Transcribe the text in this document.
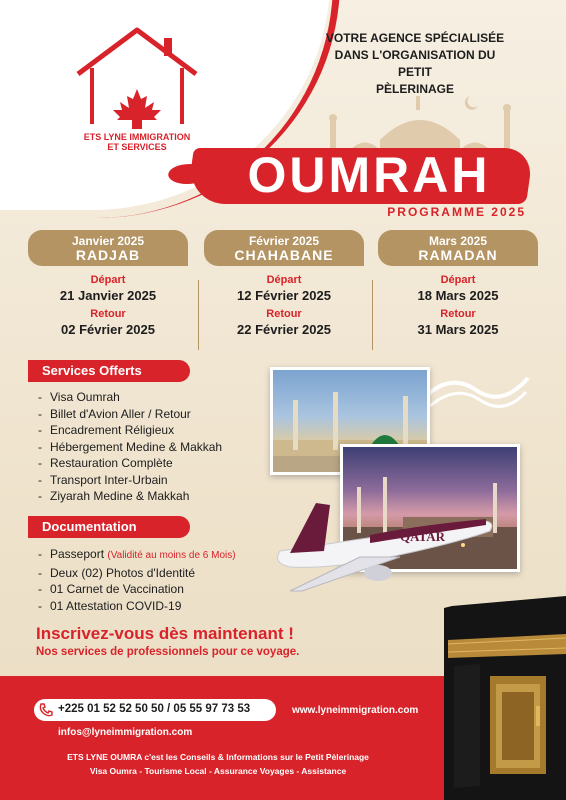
ETS LYNE IMMIGRATION
ET SERVICES
VOTRE AGENCE SPÉCIALISÉE
DANS L'ORGANISATION DU PETIT
PÈLERINAGE
OUMRAH
PROGRAMME 2025
Janvier 2025
RADJAB
Départ
21 Janvier 2025
Retour
02 Février 2025
Février 2025
CHAHABANE
Départ
12 Février 2025
Retour
22 Février 2025
Mars 2025
RAMADAN
Départ
18 Mars 2025
Retour
31 Mars 2025
Services Offerts
- Visa Oumrah
- Billet d'Avion Aller / Retour
- Encadrement Réligieux
- Hébergement Medine & Makkah
- Restauration Complète
- Transport Inter-Urbain
- Ziyarah Medine & Makkah
Documentation
- Passeport (Validité au moins de 6 Mois)
- Deux (02) Photos d'Identité
- 01 Carnet de Vaccination
- 01 Attestation COVID-19
QATAR
Inscrivez-vous dès maintenant !
Nos services de professionnels pour ce voyage.
+225 01 52 52 50 50 / 05 55 97 73 53
infos@lyneimmigration.com
www.lyneimmigration.com
ETS LYNE OUMRA c'est les Conseils & Informations sur le Petit Pèlerinage
Visa Oumra - Tourisme Local - Assurance Voyages - Assistance
